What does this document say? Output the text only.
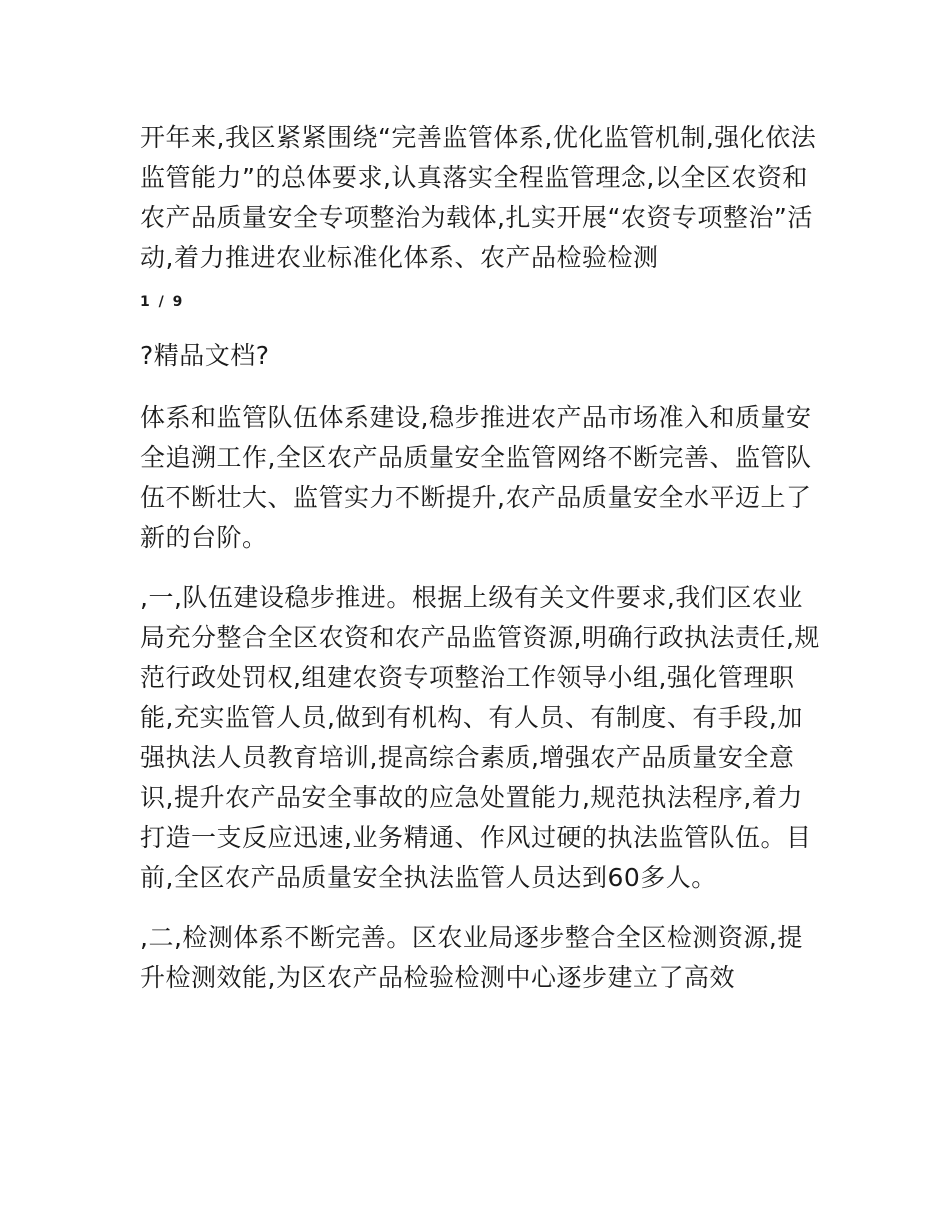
开年来,我区紧紧围绕“完善监管体系,优化监管机制,强化依法监管能力”的总体要求,认真落实全程监管理念,以全区农资和农产品质量安全专项整治为载体,扎实开展“农资专项整治”活动,着力推进农业标准化体系、农产品检验检测

1 / 9
?精品文档?

体系和监管队伍体系建设,稳步推进农产品市场准入和质量安全追溯工作,全区农产品质量安全监管网络不断完善、监管队伍不断壮大、监管实力不断提升,农产品质量安全水平迈上了新的台阶。

,一,队伍建设稳步推进。根据上级有关文件要求,我们区农业局充分整合全区农资和农产品监管资源,明确行政执法责任,规范行政处罚权,组建农资专项整治工作领导小组,强化管理职能,充实监管人员,做到有机构、有人员、有制度、有手段,加强执法人员教育培训,提高综合素质,增强农产品质量安全意识,提升农产品安全事故的应急处置能力,规范执法程序,着力打造一支反应迅速,业务精通、作风过硬的执法监管队伍。目前,全区农产品质量安全执法监管人员达到60多人。

,二,检测体系不断完善。区农业局逐步整合全区检测资源,提升检测效能,为区农产品检验检测中心逐步建立了高效
